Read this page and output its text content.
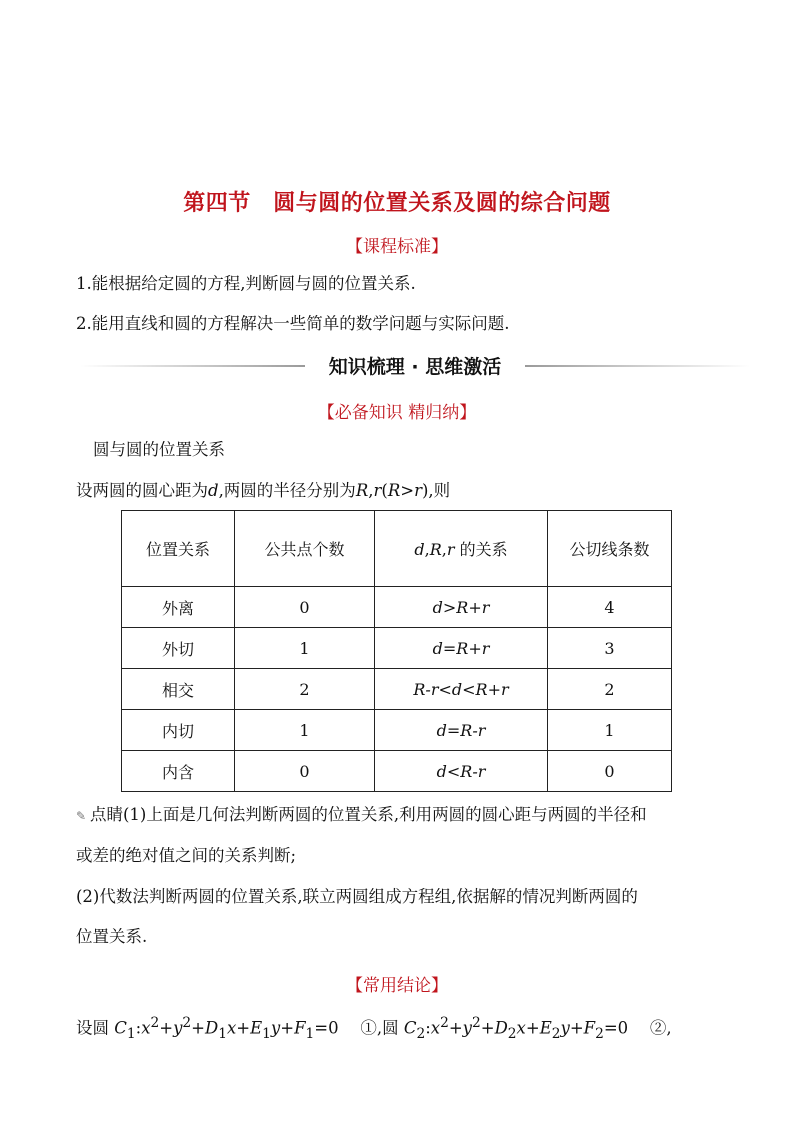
第四节　圆与圆的位置关系及圆的综合问题
【课程标准】
1.能根据给定圆的方程,判断圆与圆的位置关系.
2.能用直线和圆的方程解决一些简单的数学问题与实际问题.
知识梳理 · 思维激活
【必备知识 精归纳】
圆与圆的位置关系
设两圆的圆心距为d,两圆的半径分别为R,r(R>r),则
位置关系	公共点个数	d,R,r 的关系	公切线条数
外离	0	d>R+r	4
外切	1	d=R+r	3
相交	2	R-r<d<R+r	2
内切	1	d=R-r	1
内含	0	d<R-r	0
✎ 点睛(1)上面是几何法判断两圆的位置关系,利用两圆的圆心距与两圆的半径和
或差的绝对值之间的关系判断;
(2)代数法判断两圆的位置关系,联立两圆组成方程组,依据解的情况判断两圆的
位置关系.
【常用结论】
设圆 $C_1:x^2+y^2+D_1x+E_1y+F_1=0$ 　①,圆 $C_2:x^2+y^2+D_2x+E_2y+F_2=0$ 　②,
